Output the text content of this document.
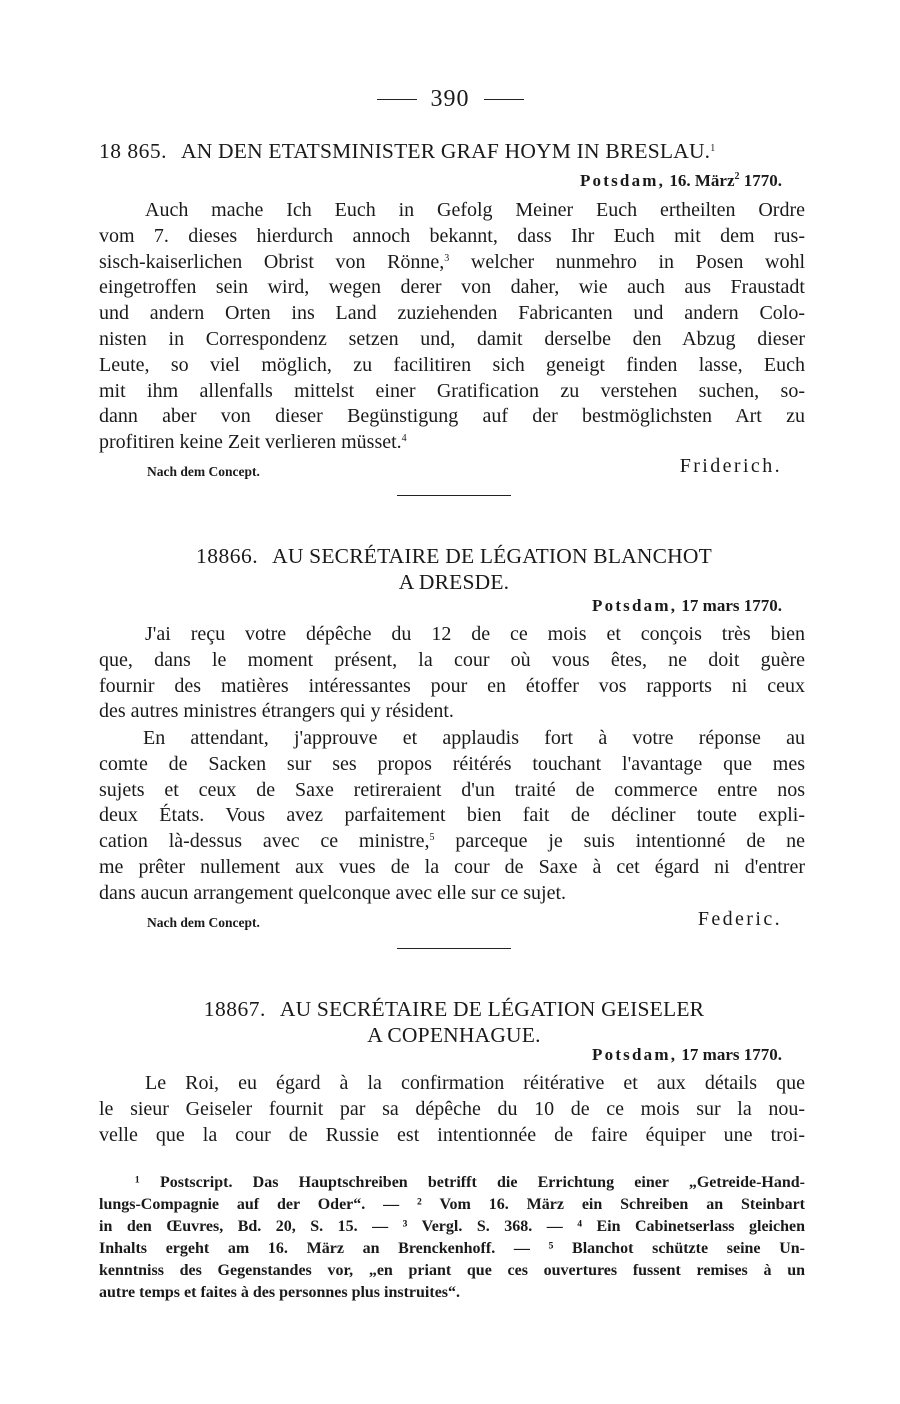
390
18 865. AN DEN ETATSMINISTER GRAF HOYM IN BRESLAU.$^1$
Potsdam, 16. März$^2$ 1770.
Auch mache Ich Euch in Gefolg Meiner Euch ertheilten Ordre
vom 7. dieses hierdurch annoch bekannt, dass Ihr Euch mit dem rus-
sisch-kaiserlichen Obrist von Rönne,$^3$ welcher nunmehro in Posen wohl
eingetroffen sein wird, wegen derer von daher, wie auch aus Fraustadt
und andern Orten ins Land zuziehenden Fabricanten und andern Colo-
nisten in Correspondenz setzen und, damit derselbe den Abzug dieser
Leute, so viel möglich, zu facilitiren sich geneigt finden lasse, Euch
mit ihm allenfalls mittelst einer Gratification zu verstehen suchen, so-
dann aber von dieser Begünstigung auf der bestmöglichsten Art zu
profitiren keine Zeit verlieren müsset.$^4$
Nach dem Concept.	Friderich.
18866. AU SECRÉTAIRE DE LÉGATION BLANCHOT
A DRESDE.
Potsdam, 17 mars 1770.
J'ai reçu votre dépêche du 12 de ce mois et conçois très bien
que, dans le moment présent, la cour où vous êtes, ne doit guère
fournir des matières intéressantes pour en étoffer vos rapports ni ceux
des autres ministres étrangers qui y résident.
En attendant, j'approuve et applaudis fort à votre réponse au
comte de Sacken sur ses propos réitérés touchant l'avantage que mes
sujets et ceux de Saxe retireraient d'un traité de commerce entre nos
deux États. Vous avez parfaitement bien fait de décliner toute expli-
cation là-dessus avec ce ministre,$^5$ parceque je suis intentionné de ne
me prêter nullement aux vues de la cour de Saxe à cet égard ni d'entrer
dans aucun arrangement quelconque avec elle sur ce sujet.
Nach dem Concept.	Federic.
18867. AU SECRÉTAIRE DE LÉGATION GEISELER
A COPENHAGUE.
Potsdam, 17 mars 1770.
Le Roi, eu égard à la confirmation réitérative et aux détails que
le sieur Geiseler fournit par sa dépêche du 10 de ce mois sur la nou-
velle que la cour de Russie est intentionnée de faire équiper une troi-
¹ Postscript. Das Hauptschreiben betrifft die Errichtung einer „Getreide-Hand-
lungs-Compagnie auf der Oder“. — ² Vom 16. März ein Schreiben an Steinbart
in den Œuvres, Bd. 20, S. 15. — ³ Vergl. S. 368. — ⁴ Ein Cabinetserlass gleichen
Inhalts ergeht am 16. März an Brenckenhoff. — ⁵ Blanchot schützte seine Un-
kenntniss des Gegenstandes vor, „en priant que ces ouvertures fussent remises à un
autre temps et faites à des personnes plus instruites“.
